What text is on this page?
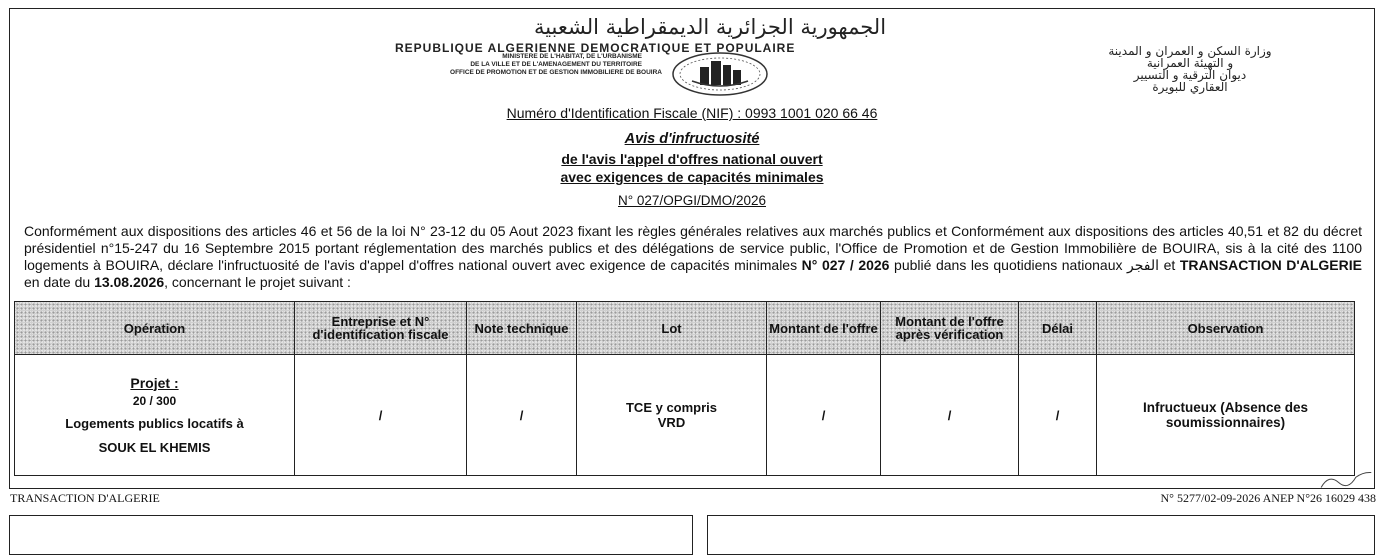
الجمهورية الجزائرية الديمقراطية الشعبية
REPUBLIQUE ALGERIENNE DEMOCRATIQUE ET POPULAIRE
MINISTERE DE L'HABITAT, DE L'URBANISME
DE LA VILLE ET DE L'AMENAGEMENT DU TERRITOIRE
OFFICE DE PROMOTION ET DE GESTION IMMOBILIERE DE BOUIRA
وزارة السكن و العمران و المدينة
و التهيئة العمرانية
ديوان الترقية و التسيير
العقاري للبويرة
Numéro d'Identification Fiscale (NIF) : 0993 1001 020 66 46
Avis d'infructuosité
de l'avis l'appel d'offres national ouvert
avec exigences de capacités minimales
N° 027/OPGI/DMO/2026
Conformément aux dispositions des articles 46 et 56 de la loi N° 23-12 du 05 Aout 2023 fixant les règles générales relatives aux marchés publics et Conformément aux dispositions des articles 40,51 et 82 du décret présidentiel n°15-247 du 16 Septembre 2015 portant réglementation des marchés publics et des délégations de service public, l'Office de Promotion et de Gestion Immobilière de BOUIRA, sis à la cité des 1100 logements à BOUIRA, déclare l'infructuosité de l'avis d'appel d'offres national ouvert avec exigence de capacités minimales N° 027 / 2026 publié dans les quotidiens nationaux الفجر et TRANSACTION D'ALGERIE en date du 13.08.2026, concernant le projet suivant :
Opération	Entreprise et N° d'identification fiscale	Note technique	Lot	Montant de l'offre	Montant de l'offre après vérification	Délai	Observation

Projet :
20 / 300
Logements publics locatifs à
SOUK EL KHEMIS	/	/	TCE y compris VRD	/	/	/	Infructueux (Absence des soumissionnaires)
TRANSACTION D'ALGERIE	N° 5277/02-09-2026 ANEP N°26 16029 438
